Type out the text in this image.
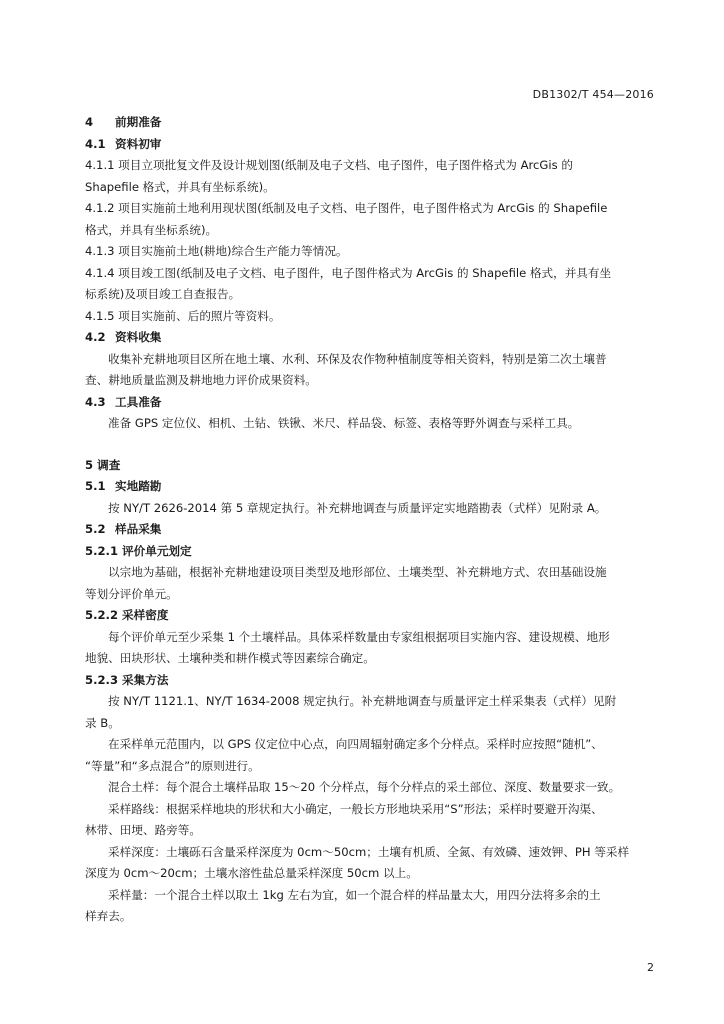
DB1302/T 454—2016
4 前期准备
4.1 资料初审
4.1.1 项目立项批复文件及设计规划图(纸制及电子文档、电子图件，电子图件格式为 ArcGis 的
Shapefile 格式，并具有坐标系统)。
4.1.2 项目实施前土地利用现状图(纸制及电子文档、电子图件，电子图件格式为 ArcGis 的 Shapefile
格式，并具有坐标系统)。
4.1.3 项目实施前土地(耕地)综合生产能力等情况。
4.1.4 项目竣工图(纸制及电子文档、电子图件，电子图件格式为 ArcGis 的 Shapefile 格式，并具有坐
标系统)及项目竣工自查报告。
4.1.5 项目实施前、后的照片等资料。
4.2 资料收集
收集补充耕地项目区所在地土壤、水利、环保及农作物种植制度等相关资料，特别是第二次土壤普
查、耕地质量监测及耕地地力评价成果资料。
4.3 工具准备
准备 GPS 定位仪、相机、土钻、铁锹、米尺、样品袋、标签、表格等野外调查与采样工具。
5 调查
5.1 实地踏勘
按 NY/T 2626-2014 第 5 章规定执行。补充耕地调查与质量评定实地踏勘表（式样）见附录 A。
5.2 样品采集
5.2.1 评价单元划定
以宗地为基础，根据补充耕地建设项目类型及地形部位、土壤类型、补充耕地方式、农田基础设施
等划分评价单元。
5.2.2 采样密度
每个评价单元至少采集 1 个土壤样品。具体采样数量由专家组根据项目实施内容、建设规模、地形
地貌、田块形状、土壤种类和耕作模式等因素综合确定。
5.2.3 采集方法
按 NY/T 1121.1、NY/T 1634-2008 规定执行。补充耕地调查与质量评定土样采集表（式样）见附
录 B。
在采样单元范围内，以 GPS 仪定位中心点，向四周辐射确定多个分样点。采样时应按照“随机”、
“等量”和“多点混合”的原则进行。
混合土样：每个混合土壤样品取 15～20 个分样点，每个分样点的采土部位、深度、数量要求一致。
采样路线：根据采样地块的形状和大小确定，一般长方形地块采用“S”形法；采样时要避开沟渠、
林带、田埂、路旁等。
采样深度：土壤砾石含量采样深度为 0cm～50cm；土壤有机质、全氮、有效磷、速效钾、PH 等采样
深度为 0cm～20cm；土壤水溶性盐总量采样深度 50cm 以上。
采样量：一个混合土样以取土 1kg 左右为宜，如一个混合样的样品量太大，用四分法将多余的土
样弃去。
2
